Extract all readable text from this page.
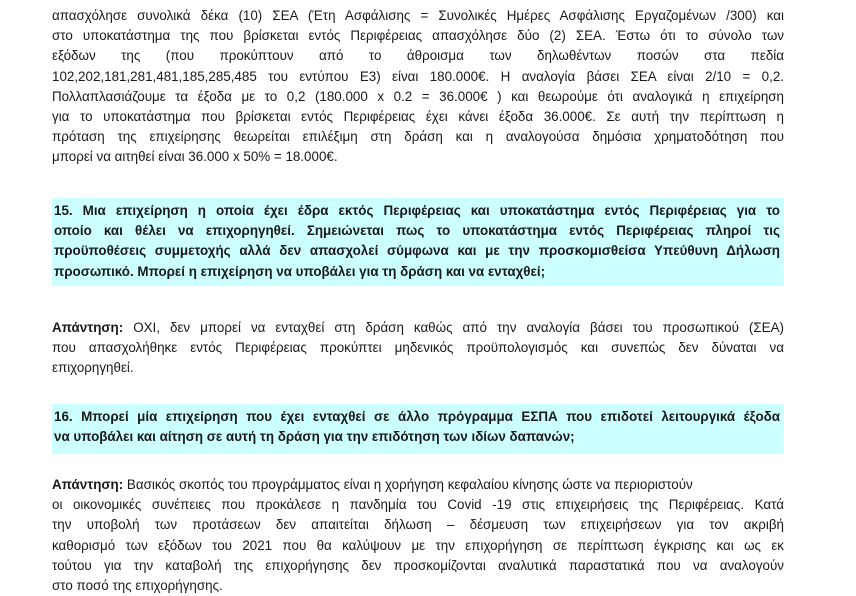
απασχόλησε συνολικά δέκα (10) ΣΕΑ (Έτη Ασφάλισης = Συνολικές Ημέρες Ασφάλισης Εργαζομένων /300) και
στο υποκατάστημα της που βρίσκεται εντός Περιφέρειας απασχόλησε δύο (2) ΣΕΑ. Έστω ότι το σύνολο των
εξόδων της (που προκύπτουν από το άθροισμα των δηλωθέντων ποσών στα πεδία
102,202,181,281,481,185,285,485 του εντύπου Ε3) είναι 180.000€. Η αναλογία βάσει ΣΕΑ είναι 2/10 = 0,2.
Πολλαπλασιάζουμε τα έξοδα με το 0,2 (180.000 x 0.2 = 36.000€ ) και θεωρούμε ότι αναλογικά η επιχείρηση
για το υποκατάστημα που βρίσκεται εντός Περιφέρειας έχει κάνει έξοδα 36.000€. Σε αυτή την περίπτωση η
πρόταση της επιχείρησης θεωρείται επιλέξιμη στη δράση και η αναλογούσα δημόσια χρηματοδότηση που
μπορεί να αιτηθεί είναι 36.000 x 50% = 18.000€.
15. Μια επιχείρηση η οποία έχει έδρα εκτός Περιφέρειας και υποκατάστημα εντός Περιφέρειας για το
οποίο και θέλει να επιχορηγηθεί. Σημειώνεται πως το υποκατάστημα εντός Περιφέρειας πληροί τις
προϋποθέσεις συμμετοχής αλλά δεν απασχολεί σύμφωνα και με την προσκομισθείσα Υπεύθυνη Δήλωση
προσωπικό. Μπορεί η επιχείρηση να υποβάλει για τη δράση και να ενταχθεί;
Απάντηση: ΟΧΙ, δεν μπορεί να ενταχθεί στη δράση καθώς από την αναλογία βάσει του προσωπικού (ΣΕΑ)
που απασχολήθηκε εντός Περιφέρειας προκύπτει μηδενικός προϋπολογισμός και συνεπώς δεν δύναται να
επιχορηγηθεί.
16. Μπορεί μία επιχείρηση που έχει ενταχθεί σε άλλο πρόγραμμα ΕΣΠΑ που επιδοτεί λειτουργικά έξοδα
να υποβάλει και αίτηση σε αυτή τη δράση για την επιδότηση των ιδίων δαπανών;
Απάντηση: Βασικός σκοπός του προγράμματος είναι η χορήγηση κεφαλαίου κίνησης ώστε να περιοριστούν
οι οικονομικές συνέπειες που προκάλεσε η πανδημία του Covid -19 στις επιχειρήσεις της Περιφέρειας. Κατά
την υποβολή των προτάσεων δεν απαιτείται δήλωση – δέσμευση των επιχειρήσεων για τον ακριβή
καθορισμό των εξόδων του 2021 που θα καλύψουν με την επιχορήγηση σε περίπτωση έγκρισης και ως εκ
τούτου για την καταβολή της επιχορήγησης δεν προσκομίζονται αναλυτικά παραστατικά που να αναλογούν
στο ποσό της επιχορήγησης.
